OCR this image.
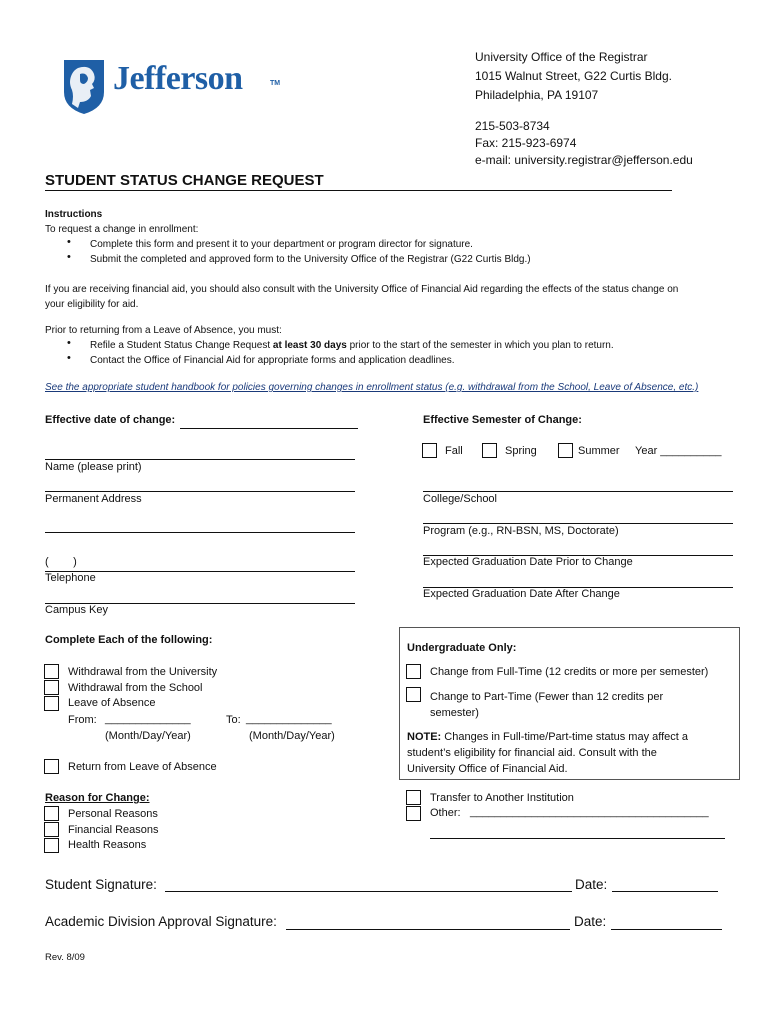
Jefferson	TM
University Office of the Registrar
1015 Walnut Street, G22 Curtis Bldg.
Philadelphia, PA 19107
215-503-8734
Fax: 215-923-6974
e-mail: university.registrar@jefferson.edu
STUDENT STATUS CHANGE REQUEST
Instructions
To request a change in enrollment:
• Complete this form and present it to your department or program director for signature.
• Submit the completed and approved form to the University Office of the Registrar (G22 Curtis Bldg.)
If you are receiving financial aid, you should also consult with the University Office of Financial Aid regarding the effects of the status change on
your eligibility for aid.
Prior to returning from a Leave of Absence, you must:
• Refile a Student Status Change Request at least 30 days prior to the start of the semester in which you plan to return.
• Contact the Office of Financial Aid for appropriate forms and application deadlines.
See the appropriate student handbook for policies governing changes in enrollment status (e.g. withdrawal from the School, Leave of Absence, etc.)
Effective date of change:
Name (please print)
Permanent Address
(        )
Telephone
Campus Key
Effective Semester of Change:
Fall	Spring	Summer Year __________
College/School
Program (e.g., RN-BSN, MS, Doctorate)
Expected Graduation Date Prior to Change
Expected Graduation Date After Change
Complete Each of the following:
Withdrawal from the University
Withdrawal from the School
Leave of Absence
From: ______________	To: ______________
(Month/Day/Year)	(Month/Day/Year)
Return from Leave of Absence
Reason for Change:
Personal Reasons
Financial Reasons
Health Reasons
Undergraduate Only:
Change from Full-Time (12 credits or more per semester)
Change to Part-Time (Fewer than 12 credits per
semester)
NOTE: Changes in Full-time/Part-time status may affect a
student’s eligibility for financial aid. Consult with the
University Office of Financial Aid.
Transfer to Another Institution
Other: _______________________________________
Student Signature:	Date:
Academic Division Approval Signature:	Date:
Rev. 8/09
